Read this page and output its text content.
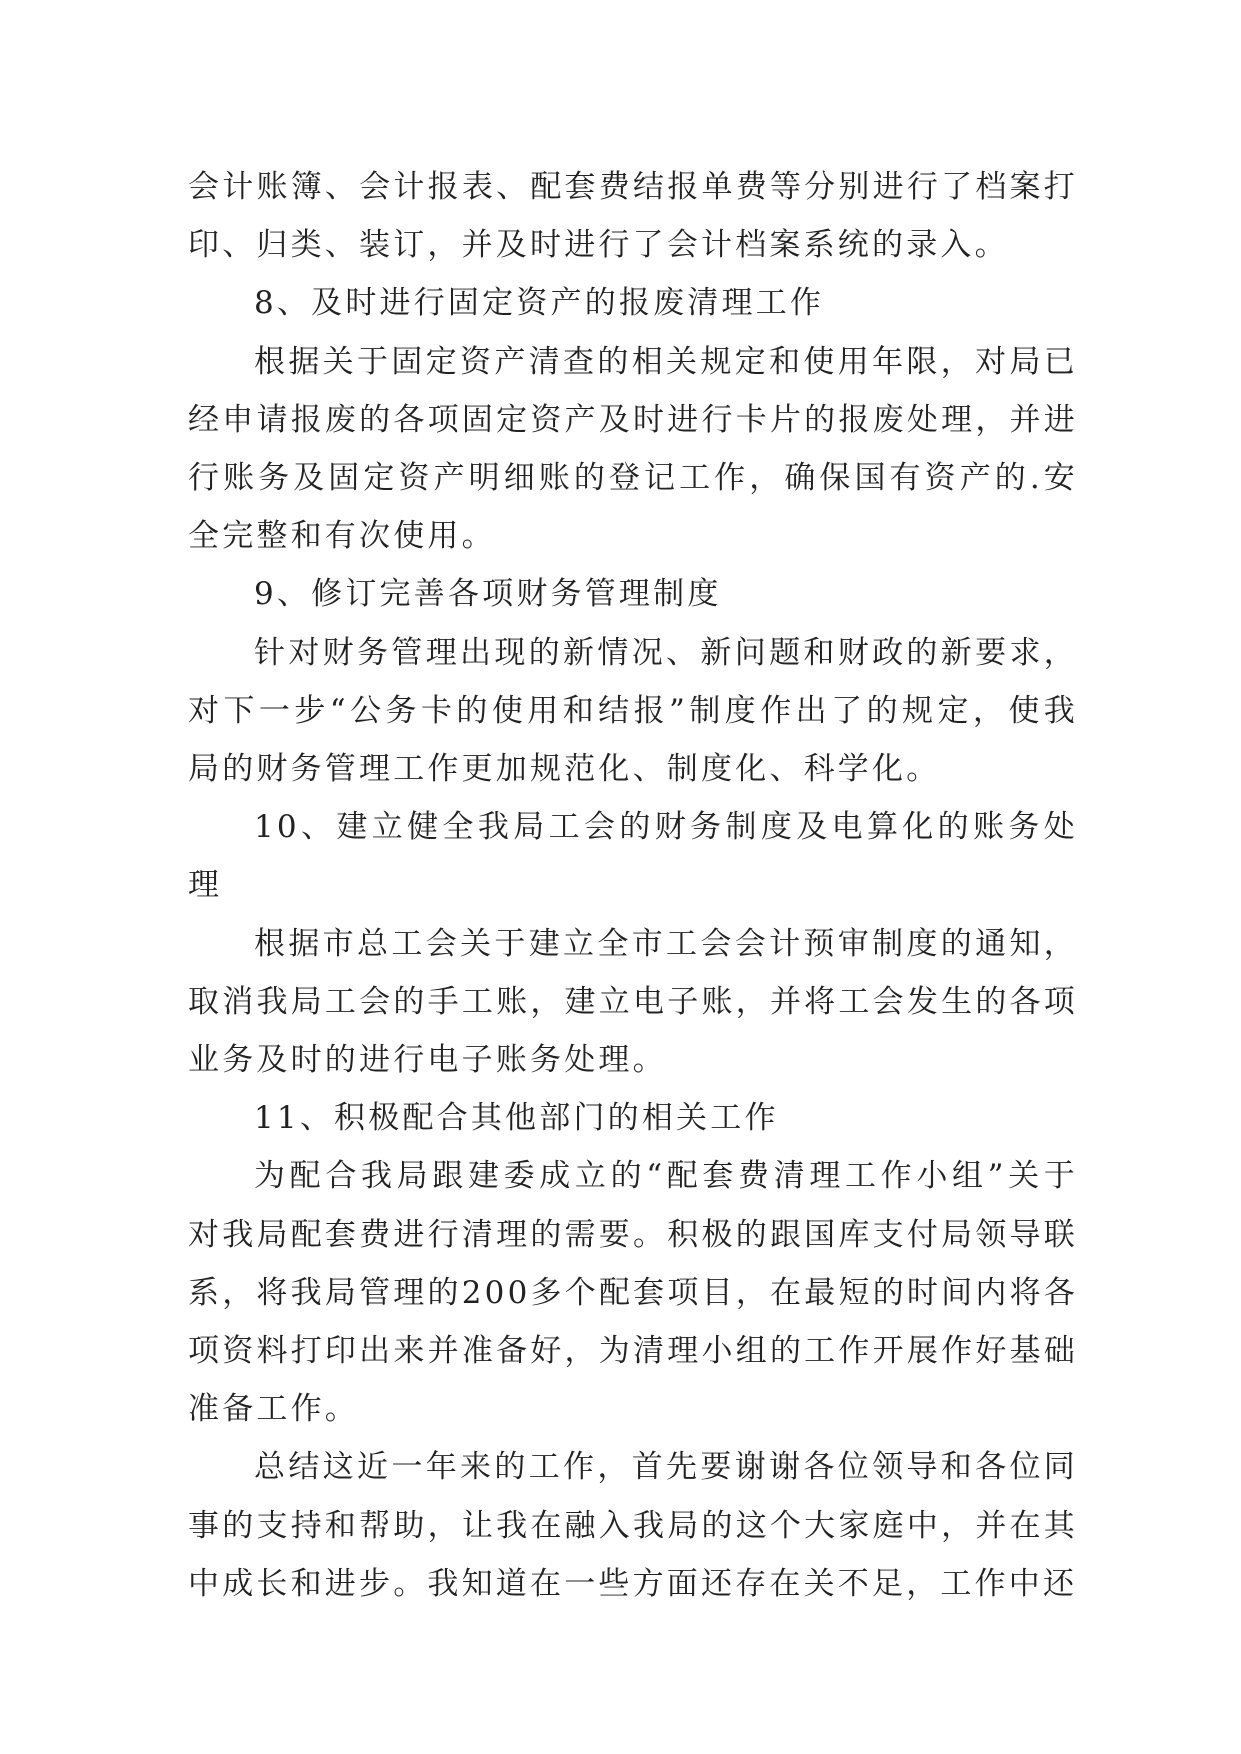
会计账簿、会计报表、配套费结报单费等分别进行了档案打印、归类、装订，并及时进行了会计档案系统的录入。

8、及时进行固定资产的报废清理工作

根据关于固定资产清查的相关规定和使用年限，对局已经申请报废的各项固定资产及时进行卡片的报废处理，并进行账务及固定资产明细账的登记工作，确保国有资产的.安全完整和有次使用。

9、修订完善各项财务管理制度

针对财务管理出现的新情况、新问题和财政的新要求，对下一步“公务卡的使用和结报”制度作出了的规定，使我局的财务管理工作更加规范化、制度化、科学化。

10、建立健全我局工会的财务制度及电算化的账务处理

根据市总工会关于建立全市工会会计预审制度的通知，取消我局工会的手工账，建立电子账，并将工会发生的各项业务及时的进行电子账务处理。

11、积极配合其他部门的相关工作

为配合我局跟建委成立的“配套费清理工作小组”关于对我局配套费进行清理的需要。积极的跟国库支付局领导联系，将我局管理的200多个配套项目，在最短的时间内将各项资料打印出来并准备好，为清理小组的工作开展作好基础准备工作。

总结这近一年来的工作，首先要谢谢各位领导和各位同事的支持和帮助，让我在融入我局的这个大家庭中，并在其中成长和进步。我知道在一些方面还存在关不足，工作中还
